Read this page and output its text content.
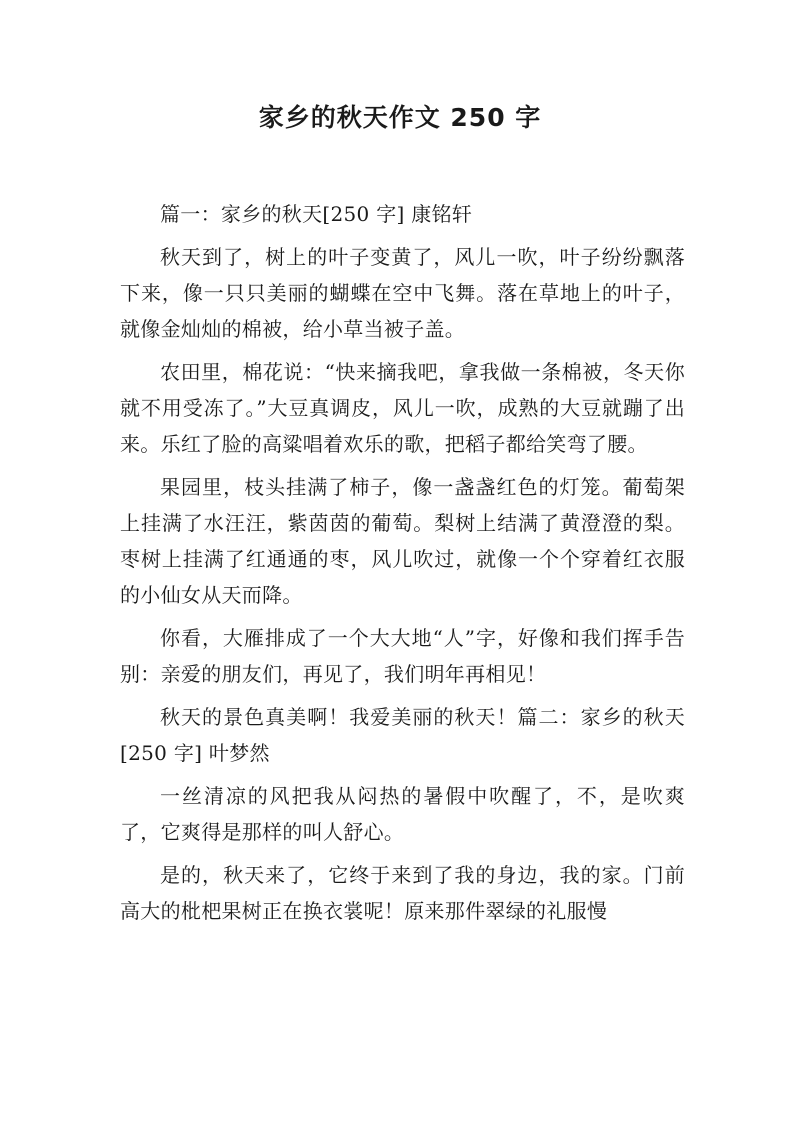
家乡的秋天作文 250 字

篇一：家乡的秋天[250 字] 康铭轩

秋天到了，树上的叶子变黄了，风儿一吹，叶子纷纷飘落下来，像一只只美丽的蝴蝶在空中飞舞。落在草地上的叶子，就像金灿灿的棉被，给小草当被子盖。

农田里，棉花说：“快来摘我吧，拿我做一条棉被，冬天你就不用受冻了。”大豆真调皮，风儿一吹，成熟的大豆就蹦了出来。乐红了脸的高粱唱着欢乐的歌，把稻子都给笑弯了腰。

果园里，枝头挂满了柿子，像一盏盏红色的灯笼。葡萄架上挂满了水汪汪，紫茵茵的葡萄。梨树上结满了黄澄澄的梨。枣树上挂满了红通通的枣，风儿吹过，就像一个个穿着红衣服的小仙女从天而降。

你看，大雁排成了一个大大地“人”字，好像和我们挥手告别：亲爱的朋友们，再见了，我们明年再相见！

秋天的景色真美啊！我爱美丽的秋天！篇二：家乡的秋天[250 字] 叶梦然

一丝清凉的风把我从闷热的暑假中吹醒了，不，是吹爽了，它爽得是那样的叫人舒心。

是的，秋天来了，它终于来到了我的身边，我的家。门前高大的枇杷果树正在换衣裳呢！原来那件翠绿的礼服慢
